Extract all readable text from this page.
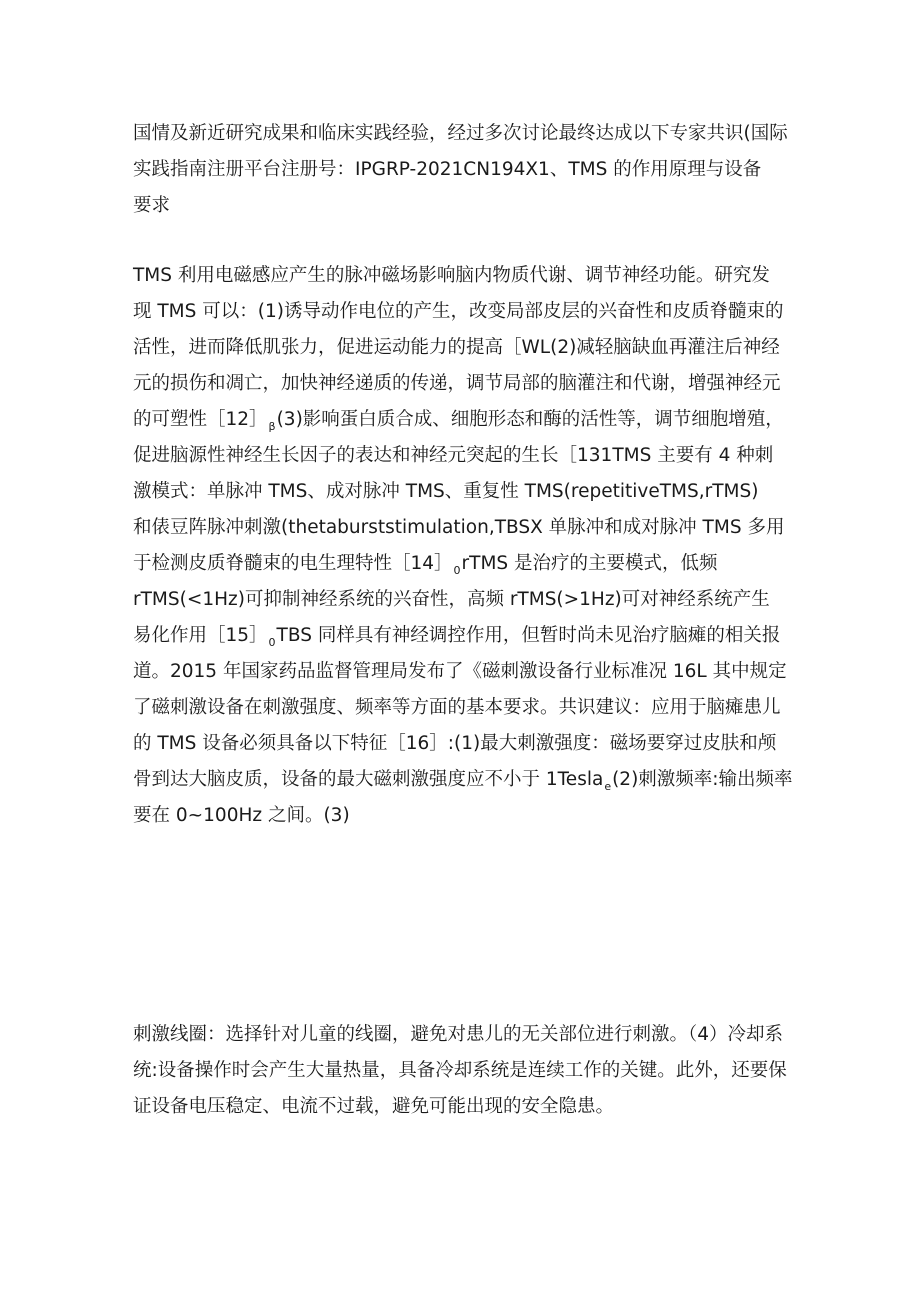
国情及新近研究成果和临床实践经验，经过多次讨论最终达成以下专家共识(国际
实践指南注册平台注册号：IPGRP-2021CN194X1、TMS 的作用原理与设备
要求
TMS 利用电磁感应产生的脉冲磁场影响脑内物质代谢、调节神经功能。研究发
现 TMS 可以：(1)诱导动作电位的产生，改变局部皮层的兴奋性和皮质脊髓束的
活性，进而降低肌张力，促进运动能力的提高［WL(2)减轻脑缺血再灌注后神经
元的损伤和凋亡，加快神经递质的传递，调节局部的脑灌注和代谢，增强神经元
的可塑性$[12]_\beta(3)$影响蛋白质合成、细胞形态和酶的活性等，调节细胞增殖，
促进脑源性神经生长因子的表达和神经元突起的生长［131TMS 主要有 4 种刺
激模式：单脉冲 TMS、成对脉冲 TMS、重复性 TMS(repetitiveTMS,rTMS)
和俵豆阵脉冲刺激(thetaburststimulation,TBSX 单脉冲和成对脉冲 TMS 多用
于检测皮质脊髓束的电生理特性$[14]_0rTMS$ 是治疗的主要模式，低频
rTMS(<1Hz)可抑制神经系统的兴奋性，高频 rTMS(>1Hz)可对神经系统产生
易化作用$[15]_0TBS$ 同样具有神经调控作用，但暂时尚未见治疗脑瘫的相关报
道。2015 年国家药品监督管理局发布了《磁刺激设备行业标准况 16L 其中规定
了磁刺激设备在刺激强度、频率等方面的基本要求。共识建议：应用于脑瘫患儿
的 TMS 设备必须具备以下特征［16］:(1)最大刺激强度：磁场要穿过皮肤和颅
骨到达大脑皮质，设备的最大磁刺激强度应不小于 1Tesla$_e$(2)刺激频率:输出频率
要在 0~100Hz 之间。(3)
刺激线圈：选择针对儿童的线圈，避免对患儿的无关部位进行刺激。（4）冷却系
统:设备操作时会产生大量热量，具备冷却系统是连续工作的关键。此外，还要保
证设备电压稳定、电流不过载，避免可能出现的安全隐患。
